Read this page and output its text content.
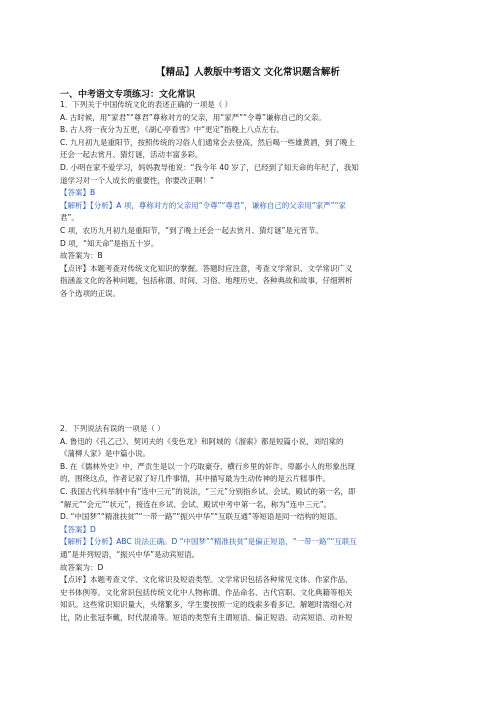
【精品】人教版中考语文 文化常识题含解析
一、中考语文专项练习：文化常识

1．下列关于中国传统文化的表述正确的一项是（ ）

A. 古时候，用“家君”“尊君”尊称对方的父亲，用“家严”“令尊”谦称自己的父亲。

B. 古人将一夜分为五更，《湖心亭看雪》中“更定”指晚上八点左右。

C. 九月初九是重阳节，按照传统的习俗人们通常会去登高，然后喝一些雄黄酒，到了晚上

还会一起去赏月、猜灯谜，活动丰富多彩。

D. 小明在家不爱学习，妈妈教导他说：“我今年 40 岁了，已经到了知天命的年纪了，我知

道学习对一个人成长的重要性，你要改正啊！”

【答案】B

【解析】【分析】A 项，尊称对方的父亲用“令尊”“尊君”，谦称自己的父亲用“家严”“家

君”。

C 项，农历九月初九是重阳节，“到了晚上还会一起去赏月、猜灯谜”是元宵节。

D 项，“知天命”是指五十岁。

故答案为：B

【点评】本题考查对传统文化知识的掌握。答题时应注意，考查文学常识、文学常识广义

指涵盖文化的各种问题，包括称谓、时间、习俗、地理历史、各种典故和故事，仔细辨析

各个选项的正误。

2．下列说法有误的一项是（ ）

A. 鲁迅的《孔乙己》、契诃夫的《变色龙》和阿城的《溜索》都是短篇小说，刘绍棠的

《蒲柳人家》是中篇小说。

B. 在《儒林外史》中，严贡生是以一个巧取豪夺、横行乡里的奸诈、卑鄙小人的形象出现

的，围绕这点，作者记叙了好几件事情，其中描写最为生动传神的是云片糕事件。

C. 我国古代科举制中有“连中三元”的说法，“三元”分别指乡试、会试、殿试的第一名，即

“解元”“会元”“状元”，接连在乡试、会试、殿试中考中第一名，称为“连中三元”。

D. “中国梦”“精准扶贫”“一带一路”“振兴中华”“互联互通”等短语是同一结构的短语。

【答案】D

【解析】【分析】ABC 说法正确。D “中国梦”“精准扶贫”是偏正短语，“一带一路”“互联互

通”是并列短语，“振兴中华”是动宾短语。

故答案为：D

【点评】本题考查文学、文化常识及短语类型。文学常识包括各种常见文体、作家作品、

史书体例等。文化常识包括传统文化中人物称谓、作品命名、古代官职、文化典籍等相关

知识。这些常识知识量大，头绪繁多，学生要按照一定的线索多看多记。解题时需细心对

比，防止张冠李戴，时代混淆等。短语的类型有主谓短语、偏正短语、动宾短语、动补短
